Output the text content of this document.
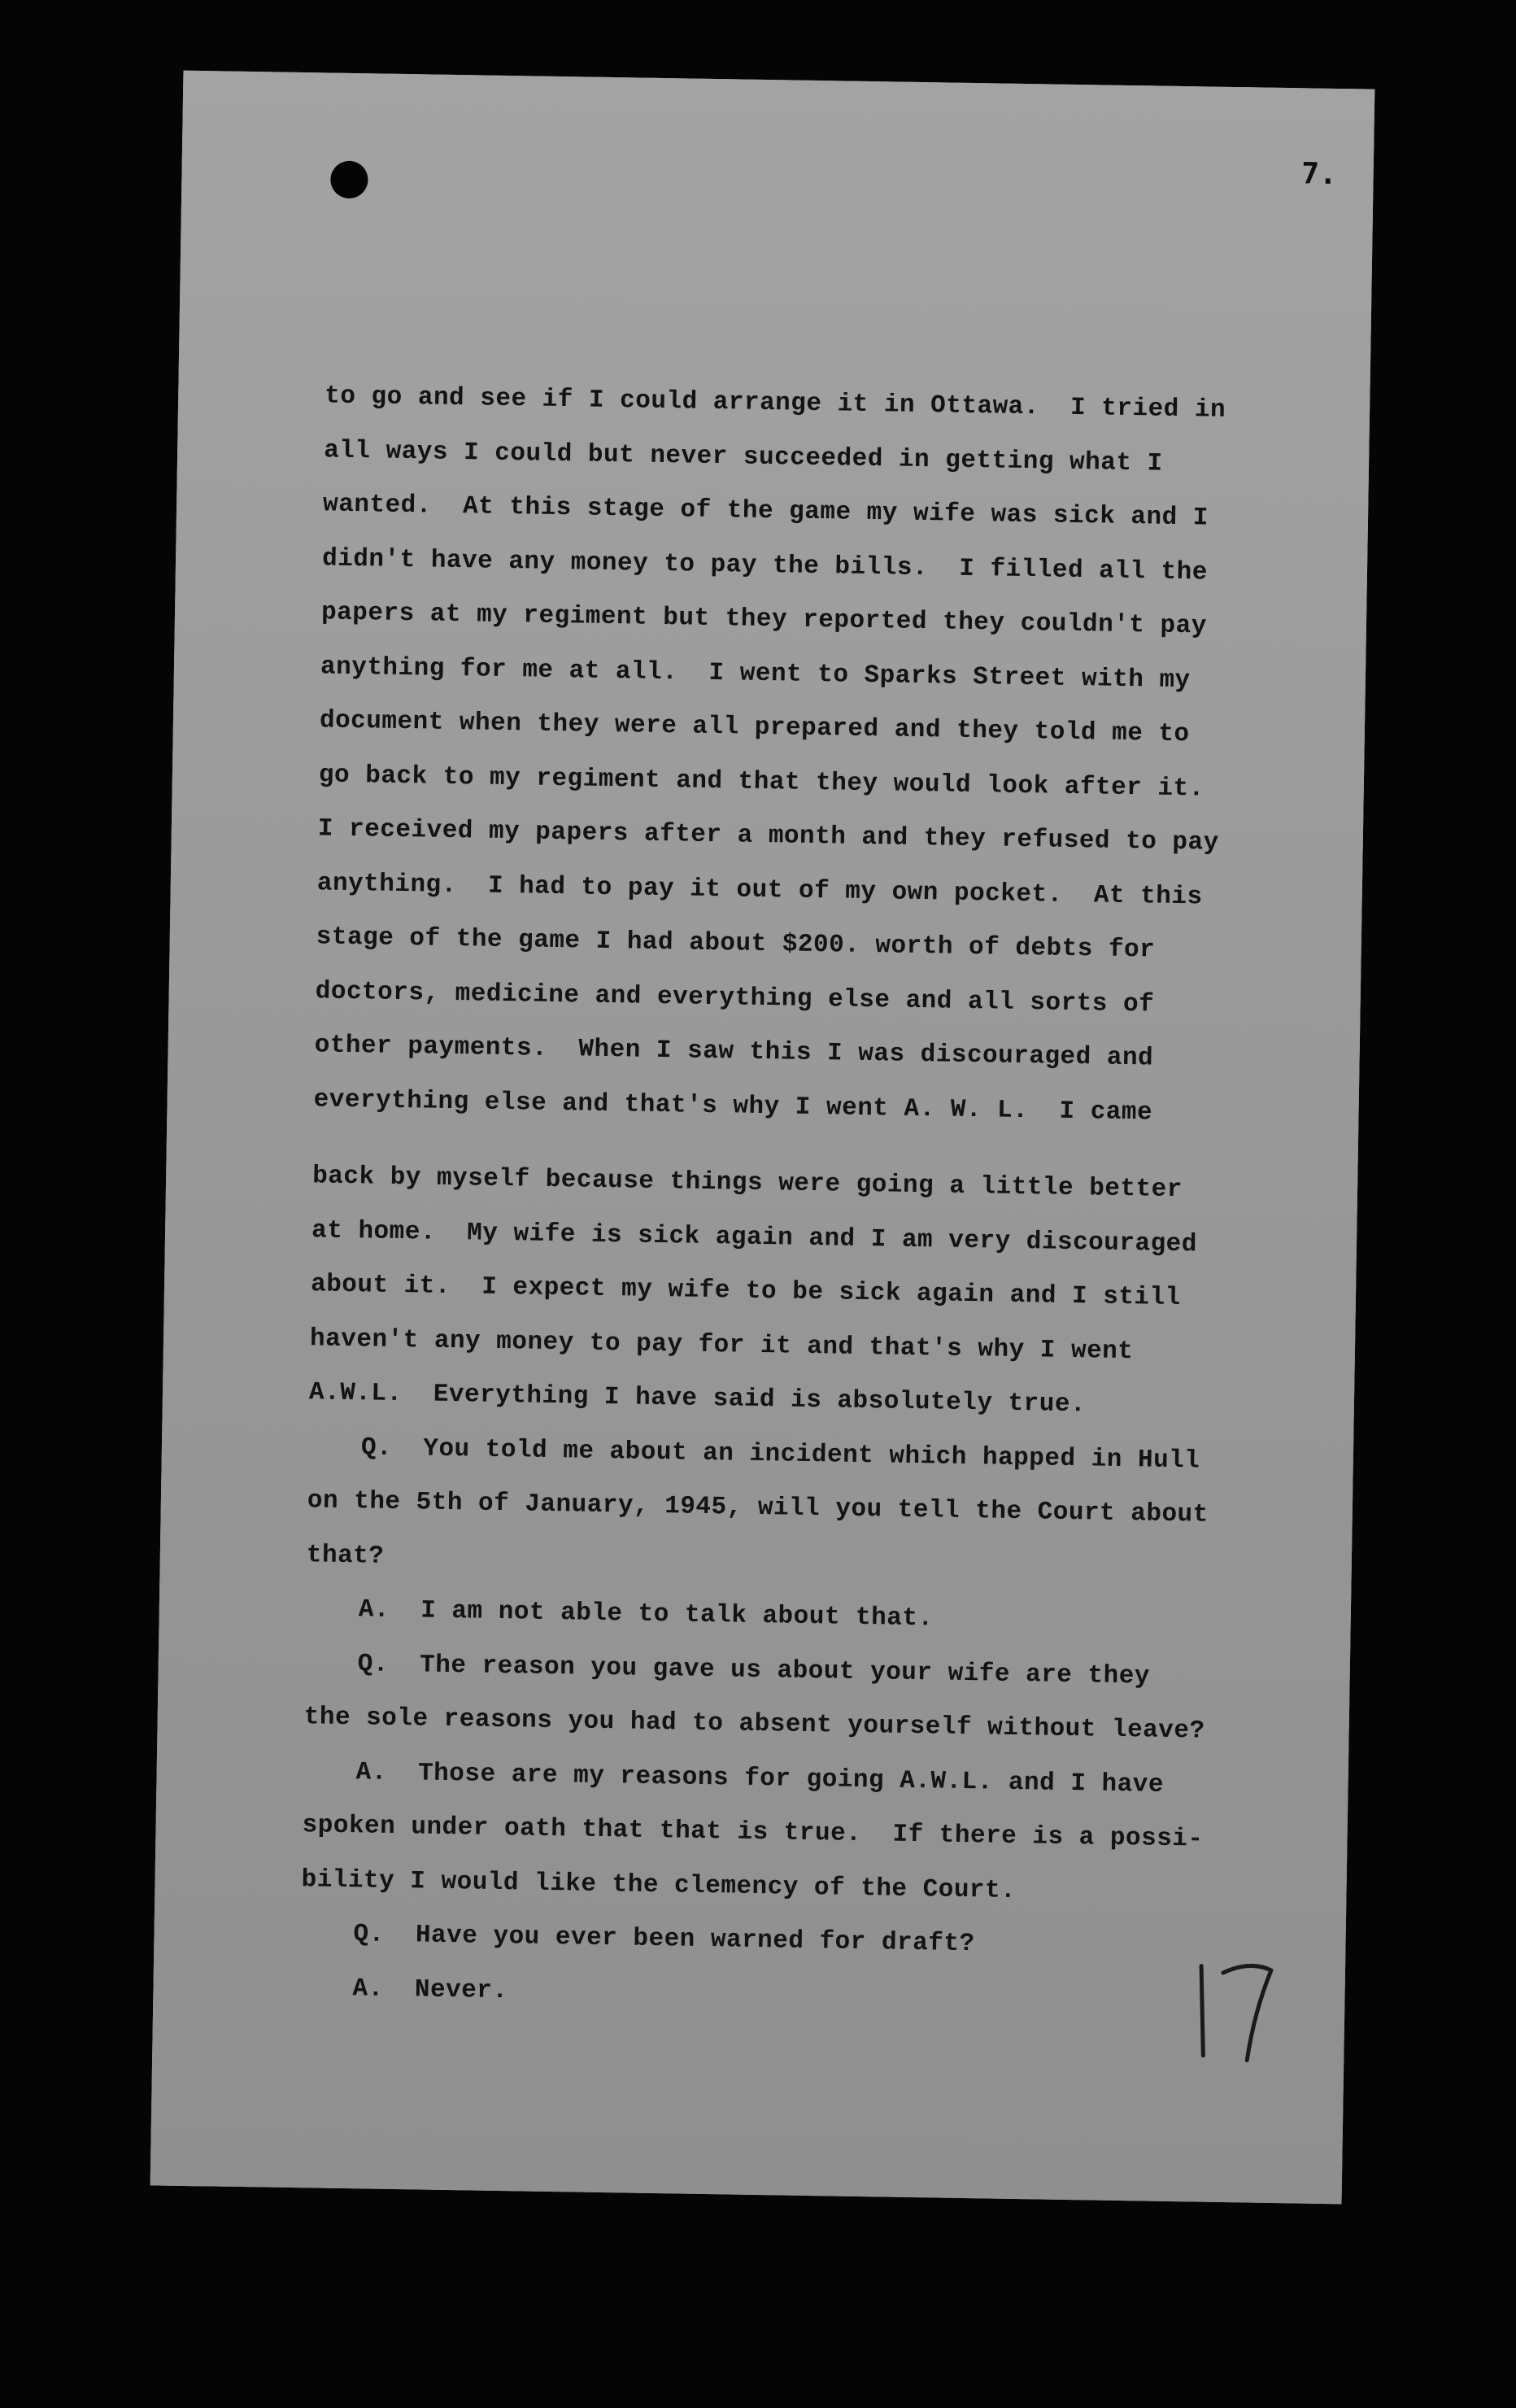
7.
to go and see if I could arrange it in Ottawa.  I tried in
all ways I could but never succeeded in getting what I
wanted.  At this stage of the game my wife was sick and I
didn't have any money to pay the bills.  I filled all the
papers at my regiment but they reported they couldn't pay
anything for me at all.  I went to Sparks Street with my
document when they were all prepared and they told me to
go back to my regiment and that they would look after it.
I received my papers after a month and they refused to pay
anything.  I had to pay it out of my own pocket.  At this
stage of the game I had about $200. worth of debts for
doctors, medicine and everything else and all sorts of
other payments.  When I saw this I was discouraged and
everything else and that's why I went A. W. L.  I came
back by myself because things were going a little better
at home.  My wife is sick again and I am very discouraged
about it.  I expect my wife to be sick again and I still
haven't any money to pay for it and that's why I went
A.W.L.  Everything I have said is absolutely true.
Q.  You told me about an incident which happed in Hull
on the 5th of January, 1945, will you tell the Court about
that?
A.  I am not able to talk about that.
Q.  The reason you gave us about your wife are they
the sole reasons you had to absent yourself without leave?
A.  Those are my reasons for going A.W.L. and I have
spoken under oath that that is true.  If there is a possi-
bility I would like the clemency of the Court.
Q.  Have you ever been warned for draft?
A.  Never.
